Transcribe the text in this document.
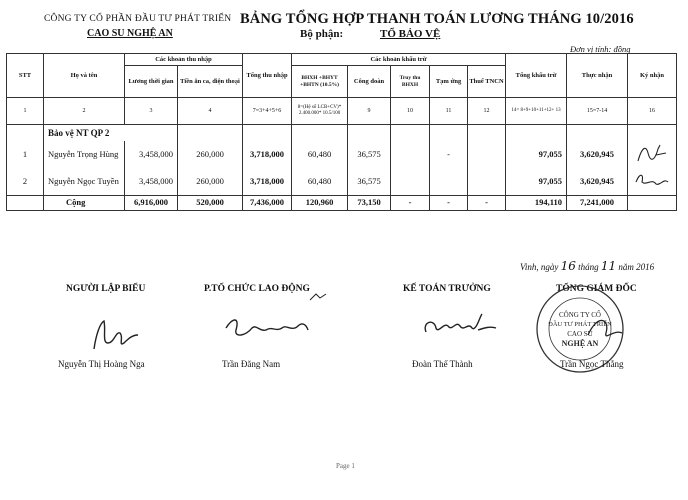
CÔNG TY CỔ PHẦN ĐẦU TƯ PHÁT TRIỂN
CAO SU NGHỆ AN
BẢNG TỔNG HỢP THANH TOÁN LƯƠNG THÁNG 10/2016
Bộ phận:	TỔ BẢO VỆ
Đơn vị tính: đồng
STT	Họ và tên	Các khoản thu nhập		Tổng thu nhập	Các khoản khấu trừ					Tổng khấu trừ	Thực nhận	Ký nhận
		Lương thời gian	Tiền ăn ca, điện thoại		BHXH +BHYT +BHTN (10.5%)	Công đoàn	Truy thu BHXH	Tạm ứng	Thuế TNCN			
1	2	3	4	7=3+4+5+6	8=(Hệ số LCB+CV)* 2.400.000* 10.5/100	9	10	11	12	14= 8+9+10+11+12+ 13	15=7-14	16
	Bảo vệ NT QP 2											
1	Nguyễn Trọng Hùng	3,458,000	260,000	3,718,000	60,480	36,575		-		97,055	3,620,945	
2	Nguyễn Ngọc Tuyền	3,458,000	260,000	3,718,000	60,480	36,575				97,055	3,620,945	
	Cộng	6,916,000	520,000	7,436,000	120,960	73,150	-	-	-	194,110	7,241,000	
Vinh, ngày 16 tháng 11 năm 2016
NGƯỜI LẬP BIỂU	P.TỔ CHỨC LAO ĐỘNG	KẾ TOÁN TRƯỞNG	TỔNG GIÁM ĐỐC
CÔNG TY CỔ
ĐẦU TƯ PHÁT TRIỂN
CAO SU
NGHỆ AN
Nguyễn Thị Hoàng Nga	Trần Đăng Nam	Đoàn Thế Thành	Trần Ngọc Thắng
Page 1
